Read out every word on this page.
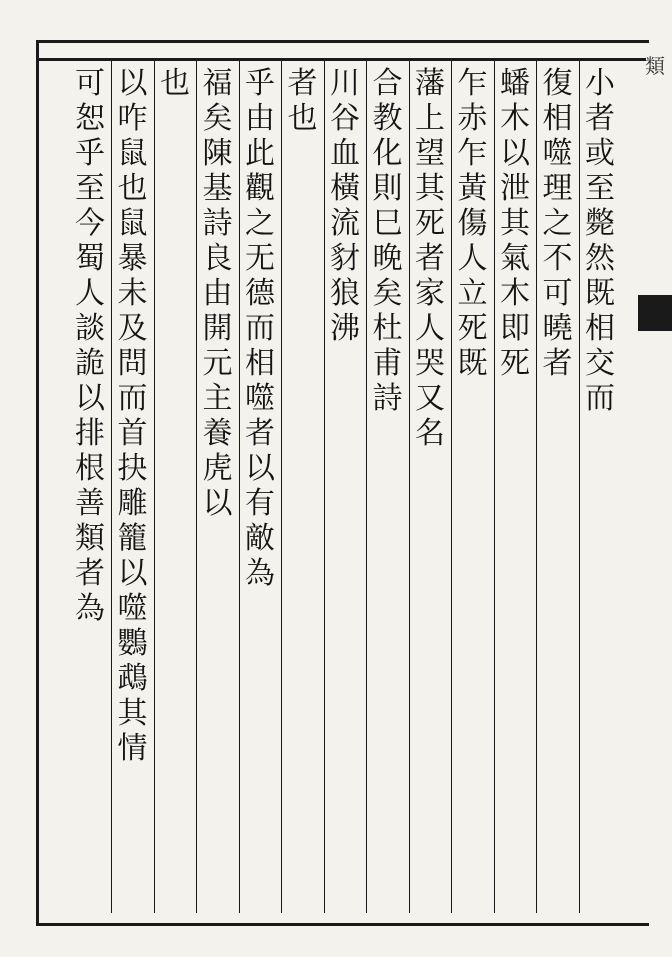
類
小
者
或
至
斃
然
既
相
交
而
復
相
噬
理
之
不
可
曉
者
蟠
木
以
泄
其
氣
木
即
死
乍
赤
乍
黃
傷
人
立
死
既
藩
上
望
其
死
者
家
人
哭
又
名
合
教
化
則
巳
晚
矣
杜
甫
詩
川
谷
血
橫
流
豺
狼
沸
者
也
乎
由
此
觀
之
无
德
而
相
噬
者
以
有
敵
為
福
矣
陳
基
詩
良
由
開
元
主
養
虎
以
也
以
咋
鼠
也
鼠
暴
未
及
問
而
首
抉
雕
籠
以
噬
鸚
鵡
其
情
可
恕
乎
至
今
蜀
人
談
詭
以
排
根
善
類
者
為
